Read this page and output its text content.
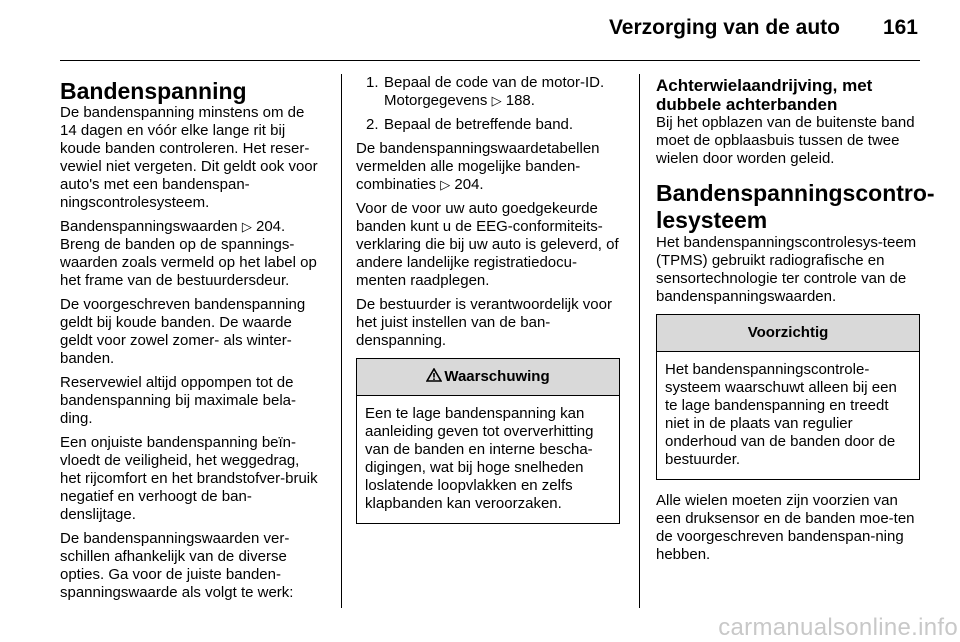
Verzorging van de auto 161
Bandenspanning

De bandenspanning minstens om de 14 dagen en vóór elke lange rit bij koude banden controleren. Het reser-vewiel niet vergeten. Dit geldt ook voor auto's met een bandenspan-ningscontrolesysteem.

Bandenspanningswaarden ▷ 204. Breng de banden op de spannings-waarden zoals vermeld op het label op het frame van de bestuurdersdeur.

De voorgeschreven bandenspanning geldt bij koude banden. De waarde geldt voor zowel zomer- als winter-banden.

Reservewiel altijd oppompen tot de bandenspanning bij maximale bela-ding.

Een onjuiste bandenspanning beïn-vloedt de veiligheid, het weggedrag, het rijcomfort en het brandstofver-bruik negatief en verhoogt de ban-denslijtage.

De bandenspanningswaarden ver-schillen afhankelijk van de diverse opties. Ga voor de juiste banden-spanningswaarde als volgt te werk:

1. Bepaal de code van de motor-ID. Motorgegevens ▷ 188.
2. Bepaal de betreffende band.

De bandenspanningswaardetabellen vermelden alle mogelijke banden-combinaties ▷ 204.

Voor de voor uw auto goedgekeurde banden kunt u de EEG-conformiteits-verklaring die bij uw auto is geleverd, of andere landelijke registratiedocu-menten raadplegen.

De bestuurder is verantwoordelijk voor het juist instellen van de ban-denspanning.

Waarschuwing
Een te lage bandenspanning kan aanleiding geven tot oververhitting van de banden en interne bescha-digingen, wat bij hoge snelheden loslatende loopvlakken en zelfs klapbanden kan veroorzaken.
Achterwielaandrijving, met dubbele achterbanden

Bij het opblazen van de buitenste band moet de opblaasbuis tussen de twee wielen door worden geleid.

Bandenspanningscontro-lesysteem

Het bandenspanningscontrolesys-teem (TPMS) gebruikt radiografische en sensortechnologie ter controle van de bandenspanningswaarden.

Voorzichtig
Het bandenspanningscontrole-systeem waarschuwt alleen bij een te lage bandenspanning en treedt niet in de plaats van regulier onderhoud van de banden door de bestuurder.

Alle wielen moeten zijn voorzien van een druksensor en de banden moe-ten de voorgeschreven bandenspan-ning hebben.

carmanualsonline.info
